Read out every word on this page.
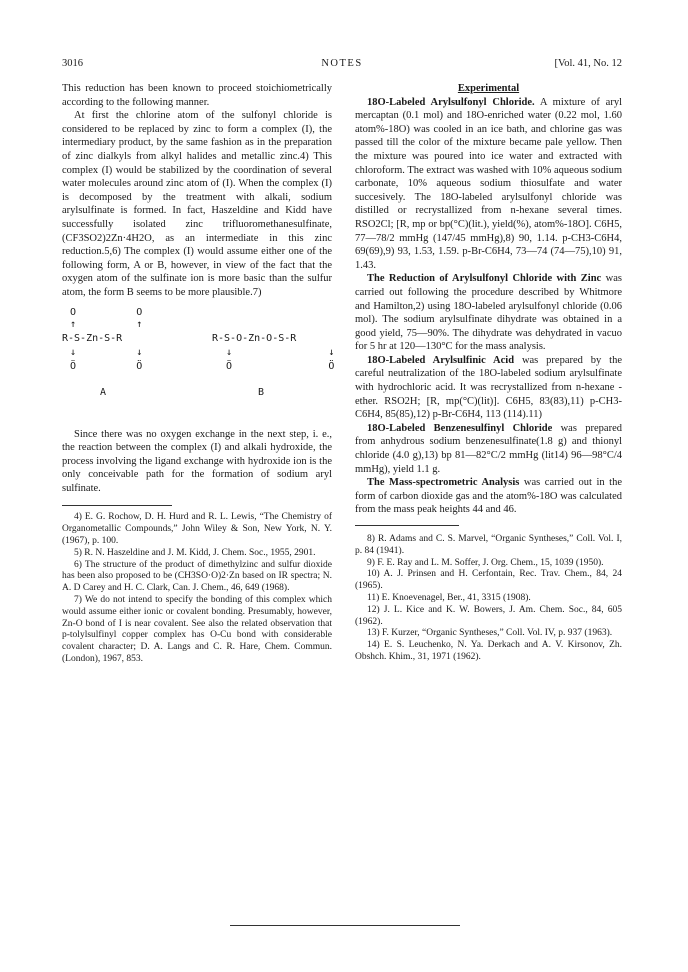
3016	NOTES	[Vol. 41, No. 12

This reduction has been known to proceed stoichiometrically according to the following manner.

At first the chlorine atom of the sulfonyl chloride is considered to be replaced by zinc to form a complex (I), the intermediary product, by the same fashion as in the preparation of zinc dialkyls from alkyl halides and metallic zinc.4) This complex (I) would be stabilized by the coordination of several water molecules around zinc atom of (I). When the complex (I) is decomposed by the treatment with alkali, sodium arylsulfinate is formed. In fact, Haszeldine and Kidd have successfully isolated zinc trifluoromethanesulfinate, (CF3SO2)2Zn·4H2O, as an intermediate in this zinc reduction.5,6) The complex (I) would assume either one of the following form, A or B, however, in view of the fact that the oxygen atom of the sulfinate ion is more basic than the sulfur atom, the form B seems to be more plausible.7)

O          O
↑          ↑
R-S-Zn-S-R
↓          ↓
Ö          Ö
A
R-S-O-Zn-O-S-R
↓                ↓
Ö                Ö
B

Since there was no oxygen exchange in the next step, i. e., the reaction between the complex (I) and alkali hydroxide, the process involving the ligand exchange with hydroxide ion is the only conceivable path for the formation of sodium aryl sulfinate.

4) E. G. Rochow, D. H. Hurd and R. L. Lewis, “The Chemistry of Organometallic Compounds,” John Wiley & Son, New York, N. Y. (1967), p. 100.

5) R. N. Haszeldine and J. M. Kidd, J. Chem. Soc., 1955, 2901.

6) The structure of the product of dimethylzinc and sulfur dioxide has been also proposed to be (CH3SO·O)2·Zn based on IR spectra; N. A. D Carey and H. C. Clark, Can. J. Chem., 46, 649 (1968).

7) We do not intend to specify the bonding of this complex which would assume either ionic or covalent bonding. Presumably, however, Zn-O bond of I is near covalent. See also the related observation that p-tolylsulfinyl copper complex has O-Cu bond with considerable covalent character; D. A. Langs and C. R. Hare, Chem. Commun. (London), 1967, 853.

Experimental

18O-Labeled Arylsulfonyl Chloride. A mixture of aryl mercaptan (0.1 mol) and 18O-enriched water (0.22 mol, 1.60 atom%-18O) was cooled in an ice bath, and chlorine gas was passed till the color of the mixture became pale yellow. Then the mixture was poured into ice water and extracted with chloroform. The extract was washed with 10% aqueous sodium carbonate, 10% aqueous sodium thiosulfate and water succesively. The 18O-labeled arylsulfonyl chloride was distilled or recrystallized from n-hexane several times. RSO2Cl; [R, mp or bp(°C)(lit.), yield(%), atom%-18O]. C6H5, 77—78/2 mmHg (147/45 mmHg),8) 90, 1.14. p-CH3-C6H4, 69(69),9) 93, 1.53, 1.59. p-Br-C6H4, 73—74 (74—75),10) 91, 1.43.

The Reduction of Arylsulfonyl Chloride with Zinc was carried out following the procedure described by Whitmore and Hamilton,2) using 18O-labeled arylsulfonyl chloride (0.06 mol). The sodium arylsulfinate dihydrate was obtained in a good yield, 75—90%. The dihydrate was dehydrated in vacuo for 5 hr at 120—130°C for the mass analysis.

18O-Labeled Arylsulfinic Acid was prepared by the careful neutralization of the 18O-labeled sodium arylsulfinate with hydrochloric acid. It was recrystallized from n-hexane - ether. RSO2H; [R, mp(°C)(lit)]. C6H5, 83(83),11) p-CH3-C6H4, 85(85),12) p-Br-C6H4, 113 (114).11)

18O-Labeled Benzenesulfinyl Chloride was prepared from anhydrous sodium benzenesulfinate(1.8 g) and thionyl chloride (4.0 g),13) bp 81—82°C/2 mmHg (lit14) 96—98°C/4 mmHg), yield 1.1 g.

The Mass-spectrometric Analysis was carried out in the form of carbon dioxide gas and the atom%-18O was calculated from the mass peak heights 44 and 46.

8) R. Adams and C. S. Marvel, “Organic Syntheses,” Coll. Vol. I, p. 84 (1941).

9) F. E. Ray and L. M. Soffer, J. Org. Chem., 15, 1039 (1950).

10) A. J. Prinsen and H. Cerfontain, Rec. Trav. Chem., 84, 24 (1965).

11) E. Knoevenagel, Ber., 41, 3315 (1908).

12) J. L. Kice and K. W. Bowers, J. Am. Chem. Soc., 84, 605 (1962).

13) F. Kurzer, “Organic Syntheses,” Coll. Vol. IV, p. 937 (1963).

14) E. S. Leuchenko, N. Ya. Derkach and A. V. Kirsonov, Zh. Obshch. Khim., 31, 1971 (1962).
